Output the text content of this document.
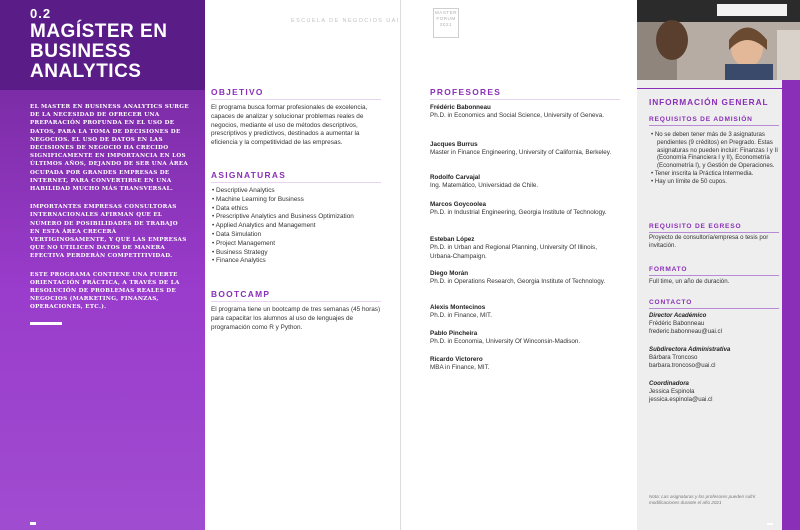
0.2
MAGÍSTER EN BUSINESS ANALYTICS

EL MASTER EN BUSINESS ANALYTICS SURGE DE LA NECESIDAD DE OFRECER UNA PREPARACIÓN PROFUNDA EN EL USO DE DATOS, PARA LA TOMA DE DECISIONES DE NEGOCIOS. EL USO DE DATOS EN LAS DECISIONES DE NEGOCIO HA CRECIDO SIGNIFICAMENTE EN IMPORTANCIA EN LOS ÚLTIMOS AÑOS, DEJANDO DE SER UNA ÁREA OCUPADA POR GRANDES EMPRESAS DE INTERNET, PARA CONVERTIRSE EN UNA HABILIDAD MUCHO MÁS TRANSVERSAL.

IMPORTANTES EMPRESAS CONSULTORAS INTERNACIONALES AFIRMAN QUE EL NÚMERO DE POSIBILIDADES DE TRABAJO EN ESTA ÁREA CRECERÁ VERTIGINOSAMENTE, Y QUE LAS EMPRESAS QUE NO UTILICEN DATOS DE MANERA EFECTIVA PERDERÁN COMPETITIVIDAD.

ESTE PROGRAMA CONTIENE UNA FUERTE ORIENTACIÓN PRÁCTICA, A TRAVÉS DE LA RESOLUCIÓN DE PROBLEMAS REALES DE NEGOCIOS (MARKETING, FINANZAS, OPERACIONES, ETC.).

ESCUELA DE NEGOCIOS UAI
OBJETIVO
El programa busca formar profesionales de excelencia, capaces de analizar y solucionar problemas reales de negocios, mediante el uso de métodos descriptivos, prescriptivos y predictivos, destinados a aumentar la eficiencia y la competitividad de las empresas.
ASIGNATURAS
• Descriptive Analytics
• Machine Learning for Business
• Data ethics
• Prescriptive Analytics and Business Optimization
• Applied Analytics and Management
• Data Simulation
• Project Management
• Business Strategy
• Finance Analytics
BOOTCAMP
El programa tiene un bootcamp de tres semanas (45 horas) para capacitar los alumnos al uso de lenguajes de programación como R y Python.
MASTER
FORUM
2021
PROFESORES
Frédéric Babonneau
Ph.D. in Economics and Social Science, University of Geneva.
Jacques Burrus
Master in Finance Engineering, University of California, Berkeley.
Rodolfo Carvajal
Ing. Matemático, Universidad de Chile.
Marcos Goycoolea
Ph.D. in Industrial Engineering, Georgia Institute of Technology.
Esteban López
Ph.D. in Urban and Regional Planning, University Of Illinois, Urbana-Champaign.
Diego Morán
Ph.D. in Operations Research, Georgia Institute of Technology.
Alexis Montecinos
Ph.D. in Finance, MIT.
Pablo Pincheira
Ph.D. in Economia, University Of Winconsin-Madison.
Ricardo Victorero
MBA in Finance, MIT.
INFORMACIÓN GENERAL
REQUISITOS DE ADMISIÓN
• No se deben tener más de 3 asignaturas pendientes (9 créditos) en Pregrado. Estas asignaturas no pueden incluir: Finanzas I y II (Economía Financiera I y II), Econometría (Econometría I), y Gestión de Operaciones.
• Tener inscrita la Práctica Intermedia.
• Hay un límite de 50 cupos.
REQUISITO DE EGRESO
Proyecto de consultoría/empresa o tesis por invitación.
FORMATO
Full time, un año de duración.
CONTACTO
Director Académico
Frédéric Babonneau
frederic.babonneau@uai.cl
Subdirectora Administrativa
Bárbara Troncoso
barbara.troncoso@uai.cl
Coordinadora
Jessica Espinola
jessica.espinola@uai.cl
Nota: Las asignaturas y los profesores pueden sufrir modificaciones durante el año 2021
